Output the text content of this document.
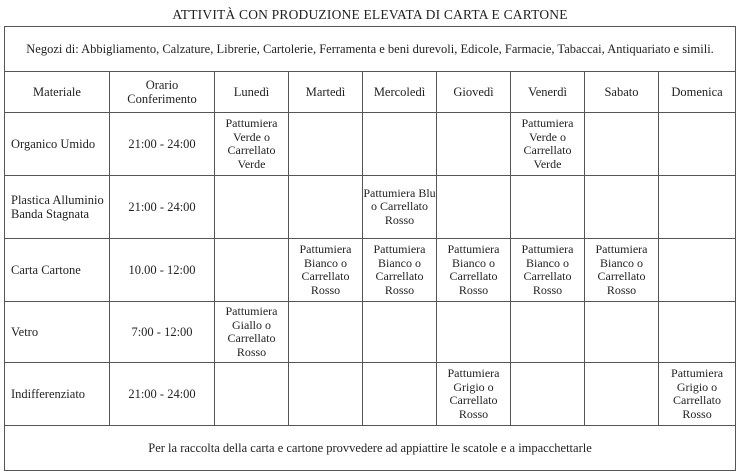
ATTIVITÀ CON PRODUZIONE ELEVATA DI CARTA E CARTONE
Negozi di: Abbigliamento, Calzature, Librerie, Cartolerie, Ferramenta e beni durevoli, Edicole, Farmacie, Tabaccai, Antiquariato e simili.								
Materiale	Orario Conferimento	Lunedì	Martedì	Mercoledì	Giovedì	Venerdì	Sabato	Domenica
Organico Umido	21:00 - 24:00	Pattumiera Verde o Carrellato Verde				Pattumiera Verde o Carrellato Verde		
Plastica Alluminio Banda Stagnata	21:00 - 24:00			Pattumiera Blu o Carrellato Rosso				
Carta Cartone	10.00 - 12:00		Pattumiera Bianco o Carrellato Rosso	Pattumiera Bianco o Carrellato Rosso	Pattumiera Bianco o Carrellato Rosso	Pattumiera Bianco o Carrellato Rosso	Pattumiera Bianco o Carrellato Rosso	
Vetro	7:00 - 12:00	Pattumiera Giallo o Carrellato Rosso						
Indifferenziato	21:00 - 24:00				Pattumiera Grigio o Carrellato Rosso			Pattumiera Grigio o Carrellato Rosso
Per la raccolta della carta e cartone provvedere ad appiattire le scatole e a impacchettarle								
